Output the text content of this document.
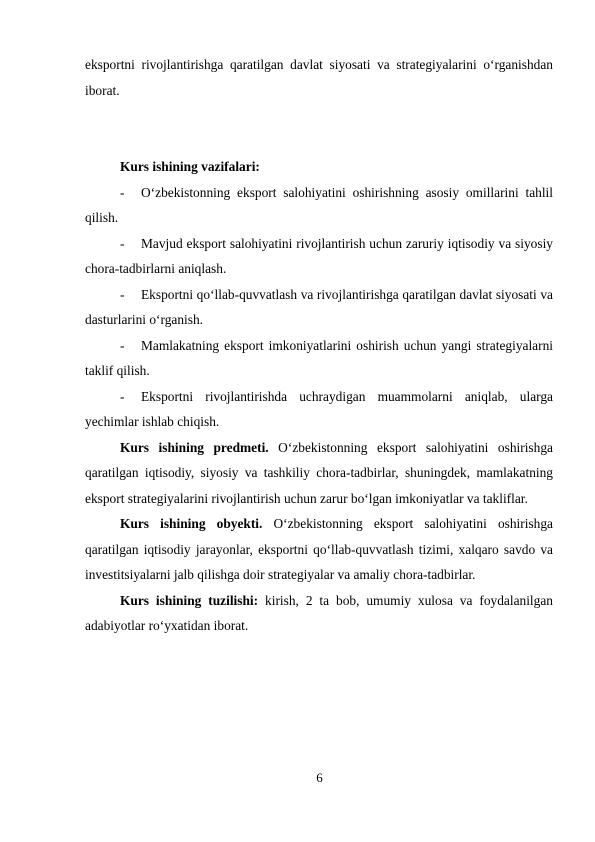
eksportni rivojlantirishga qaratilgan davlat siyosati va strategiyalarini o‘rganishdan iborat.

Kurs ishining vazifalari:

- O‘zbekistonning eksport salohiyatini oshirishning asosiy omillarini tahlil qilish.

- Mavjud eksport salohiyatini rivojlantirish uchun zaruriy iqtisodiy va siyosiy chora-tadbirlarni aniqlash.

- Eksportni qo‘llab-quvvatlash va rivojlantirishga qaratilgan davlat siyosati va dasturlarini o‘rganish.

- Mamlakatning eksport imkoniyatlarini oshirish uchun yangi strategiyalarni taklif qilish.

- Eksportni rivojlantirishda uchraydigan muammolarni aniqlab, ularga yechimlar ishlab chiqish.

Kurs ishining predmeti. O‘zbekistonning eksport salohiyatini oshirishga qaratilgan iqtisodiy, siyosiy va tashkiliy chora-tadbirlar, shuningdek, mamlakatning eksport strategiyalarini rivojlantirish uchun zarur bo‘lgan imkoniyatlar va takliflar.

Kurs ishining obyekti. O‘zbekistonning eksport salohiyatini oshirishga qaratilgan iqtisodiy jarayonlar, eksportni qo‘llab-quvvatlash tizimi, xalqaro savdo va investitsiyalarni jalb qilishga doir strategiyalar va amaliy chora-tadbirlar.

Kurs ishining tuzilishi: kirish, 2 ta bob, umumiy xulosa va foydalanilgan adabiyotlar ro‘yxatidan iborat.

6
